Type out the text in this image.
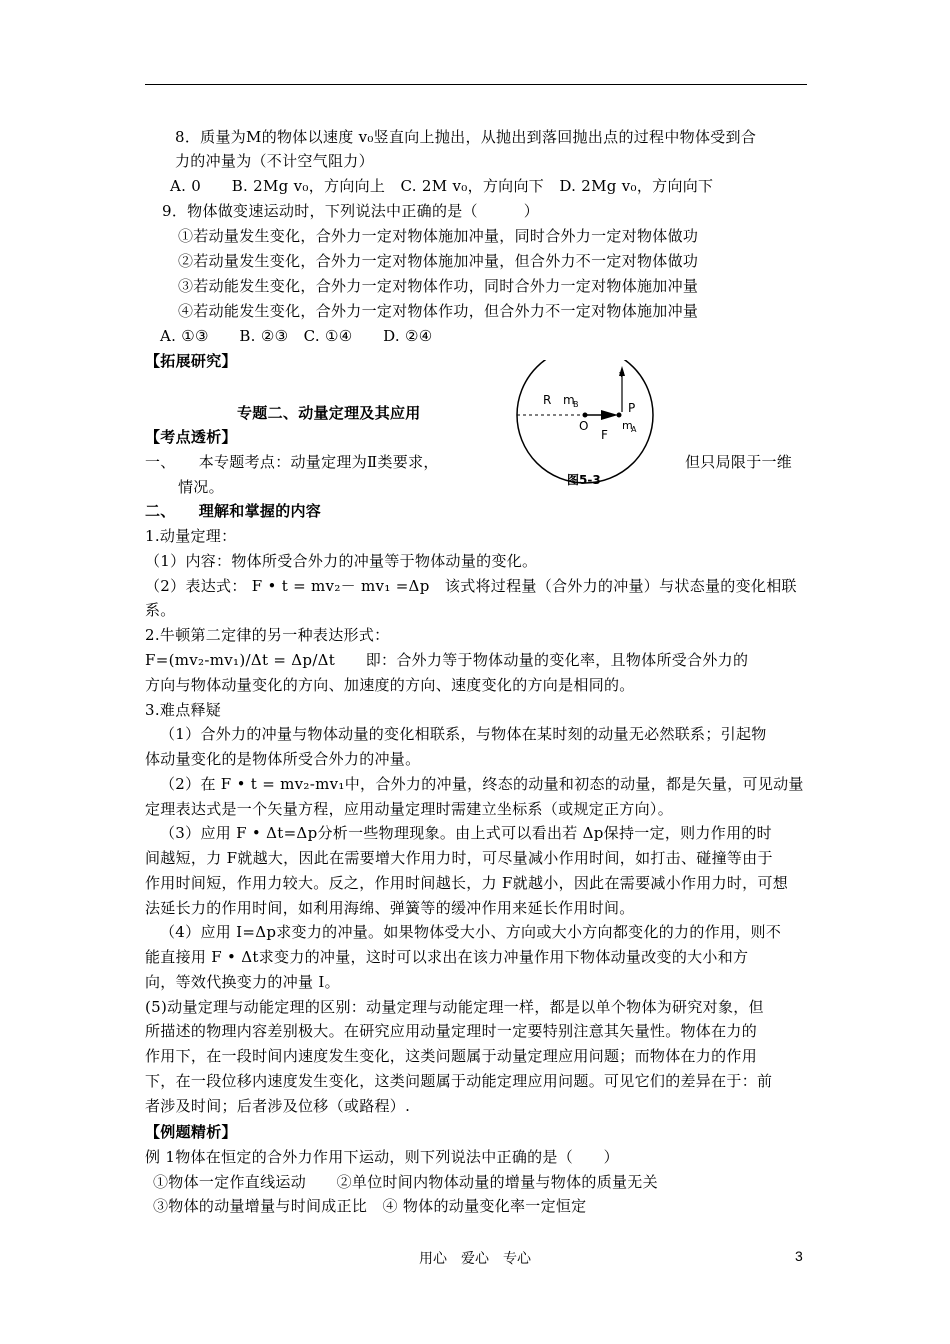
8．质量为M的物体以速度 v₀竖直向上抛出，从抛出到落回抛出点的过程中物体受到合
力的冲量为（不计空气阻力）
A. 0　　B. 2Mg v₀，方向向上　C. 2M v₀，方向向下　D. 2Mg v₀，方向向下
9．物体做变速运动时，下列说法中正确的是（　　　）
①若动量发生变化，合外力一定对物体施加冲量，同时合外力一定对物体做功
②若动量发生变化，合外力一定对物体施加冲量，但合外力不一定对物体做功
③若动能发生变化，合外力一定对物体作功，同时合外力一定对物体施加冲量
④若动能发生变化，合外力一定对物体作功，但合外力不一定对物体施加冲量
A. ①③　　B. ②③　C. ①④　　D. ②④
【拓展研究】
专题二、动量定理及其应用
【考点透析】
一、　　本专题考点：动量定理为Ⅱ类要求，	但只局限于一维
情况。
二、　　理解和掌握的内容
1.动量定理：
（1）内容：物体所受合外力的冲量等于物体动量的变化。
（2）表达式： F • t = mv₂－ mv₁ =Δp　该式将过程量（合外力的冲量）与状态量的变化相联
系。
2.牛顿第二定律的另一种表达形式：
F=(mv₂-mv₁)/Δt = Δp/Δt　　即：合外力等于物体动量的变化率，且物体所受合外力的
方向与物体动量变化的方向、加速度的方向、速度变化的方向是相同的。
3.难点释疑
（1）合外力的冲量与物体动量的变化相联系，与物体在某时刻的动量无必然联系；引起物
体动量变化的是物体所受合外力的冲量。
（2）在 F • t = mv₂-mv₁中，合外力的冲量，终态的动量和初态的动量，都是矢量，可见动量
定理表达式是一个矢量方程，应用动量定理时需建立坐标系（或规定正方向）。
（3）应用 F • Δt=Δp分析一些物理现象。由上式可以看出若 Δp保持一定，则力作用的时
间越短，力 F就越大，因此在需要增大作用力时，可尽量减小作用时间，如打击、碰撞等由于
作用时间短，作用力较大。反之，作用时间越长，力 F就越小，因此在需要减小作用力时，可想
法延长力的作用时间，如利用海绵、弹簧等的缓冲作用来延长作用时间。
（4）应用 I=Δp求变力的冲量。如果物体受大小、方向或大小方向都变化的力的作用，则不
能直接用 F • Δt求变力的冲量，这时可以求出在该力冲量作用下物体动量改变的大小和方
向，等效代换变力的冲量 I。
(5)动量定理与动能定理的区别：动量定理与动能定理一样，都是以单个物体为研究对象，但
所描述的物理内容差别极大。在研究应用动量定理时一定要特别注意其矢量性。物体在力的
作用下，在一段时间内速度发生变化，这类问题属于动量定理应用问题；而物体在力的作用
下，在一段位移内速度发生变化，这类问题属于动能定理应用问题。可见它们的差异在于：前
者涉及时间；后者涉及位移（或路程）.
【例题精析】
例 1物体在恒定的合外力作用下运动，则下列说法中正确的是（　　）
①物体一定作直线运动　　②单位时间内物体动量的增量与物体的质量无关
③物体的动量增量与时间成正比　④ 物体的动量变化率一定恒定
v
R m
B
O
F
P
m
A
图5-3
用心　爱心　专心	3
